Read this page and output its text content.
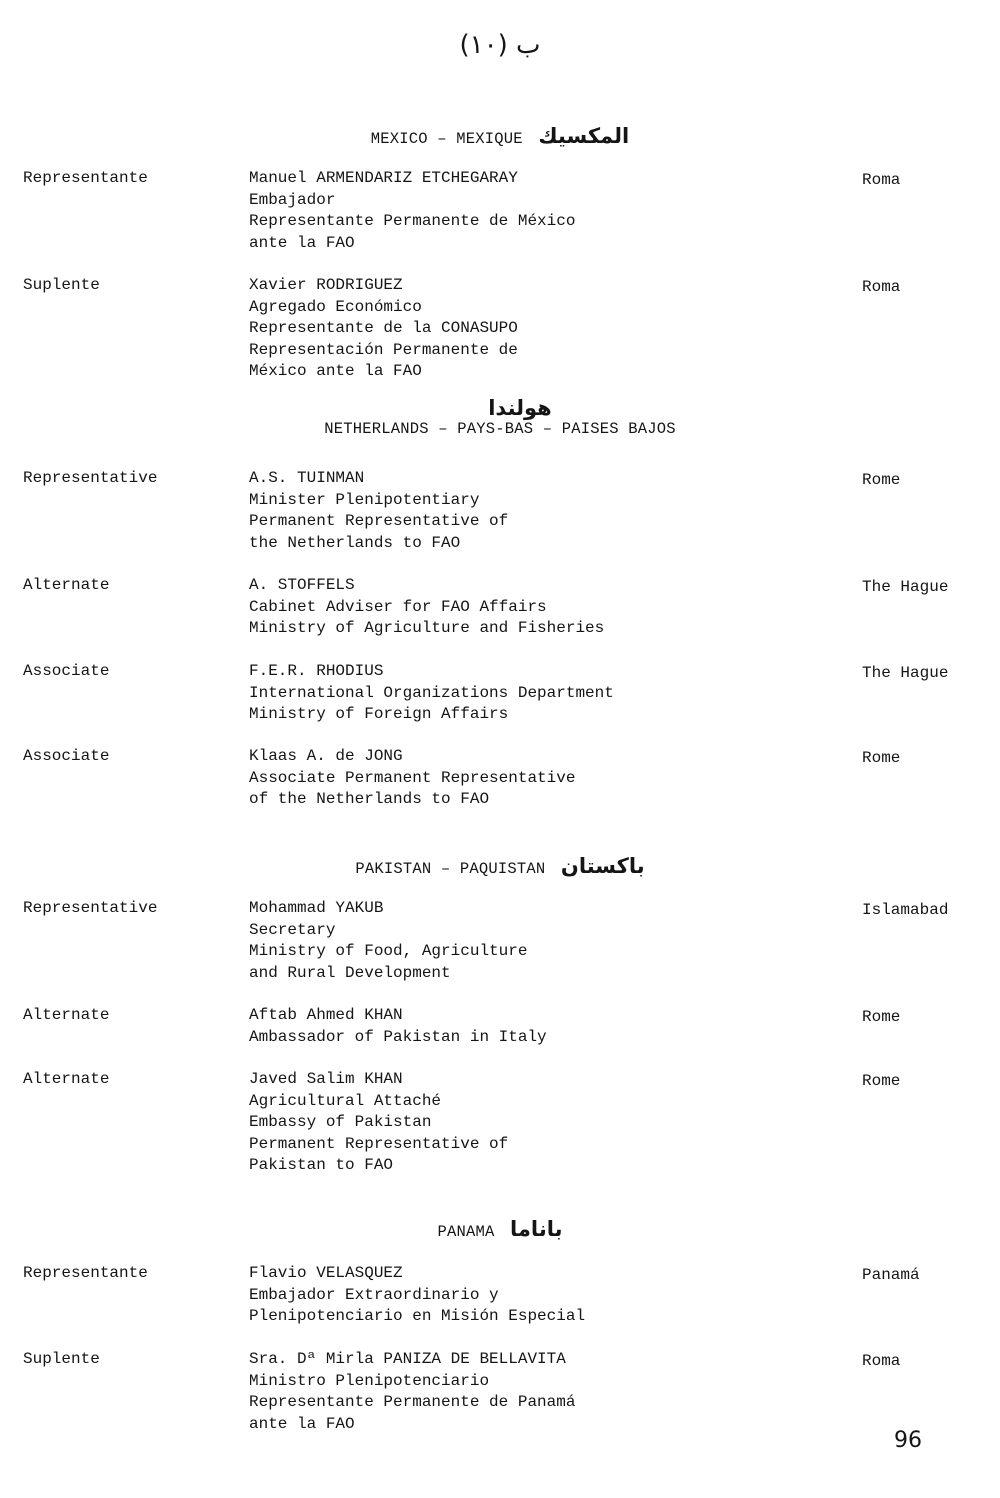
ب (١٠)
MEXICO – MEXIQUE المكسيك
Representante	Manuel ARMENDARIZ ETCHEGARAY
Embajador
Representante Permanente de México
ante la FAO
Roma
Suplente	Xavier RODRIGUEZ
Agregado Económico
Representante de la CONASUPO
Representación Permanente de
México ante la FAO
Roma
هولندا
NETHERLANDS – PAYS-BAS – PAISES BAJOS
Representative	A.S. TUINMAN
Minister Plenipotentiary
Permanent Representative of
the Netherlands to FAO
Rome
Alternate	A. STOFFELS
Cabinet Adviser for FAO Affairs
Ministry of Agriculture and Fisheries
The Hague
Associate	F.E.R. RHODIUS
International Organizations Department
Ministry of Foreign Affairs
The Hague
Associate	Klaas A. de JONG
Associate Permanent Representative
of the Netherlands to FAO
Rome
PAKISTAN – PAQUISTAN باكستان
Representative	Mohammad YAKUB
Secretary
Ministry of Food, Agriculture
and Rural Development
Islamabad
Alternate	Aftab Ahmed KHAN
Ambassador of Pakistan in Italy
Rome
Alternate	Javed Salim KHAN
Agricultural Attaché
Embassy of Pakistan
Permanent Representative of
Pakistan to FAO
Rome
PANAMA باناما
Representante	Flavio VELASQUEZ
Embajador Extraordinario y
Plenipotenciario en Misión Especial
Panamá
Suplente	Sra. Dª Mirla PANIZA DE BELLAVITA
Ministro Plenipotenciario
Representante Permanente de Panamá
ante la FAO
Roma
96
